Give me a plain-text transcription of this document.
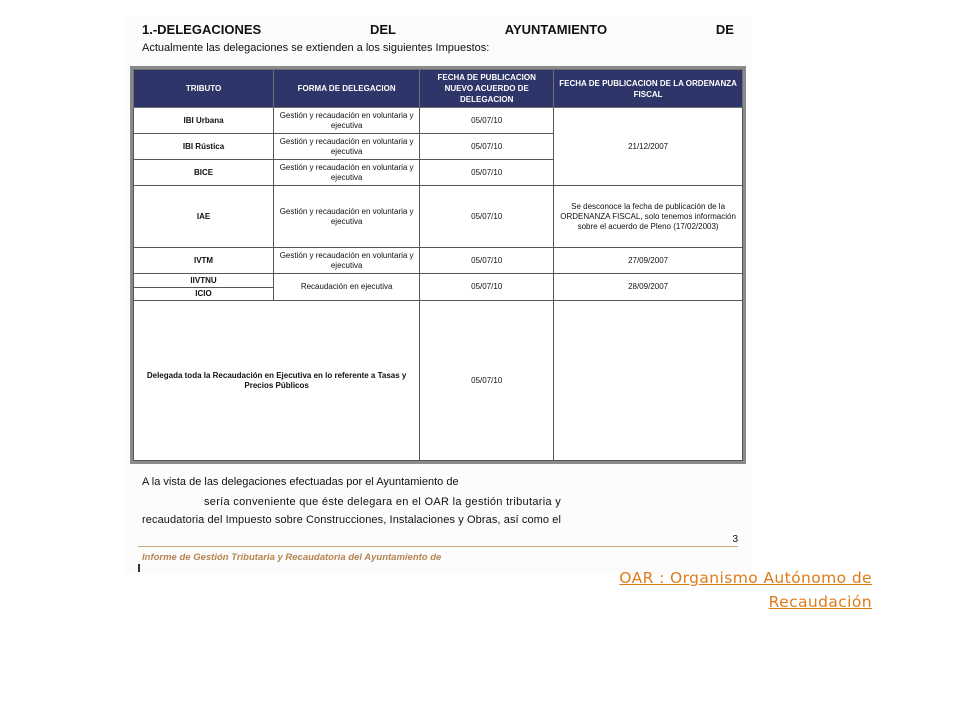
1.-DELEGACIONES	DEL	AYUNTAMIENTO	DE
Actualmente las delegaciones se extienden a los siguientes Impuestos:
TRIBUTO	FORMA DE DELEGACION	FECHA DE PUBLICACION NUEVO ACUERDO DE DELEGACION	FECHA DE PUBLICACION DE LA ORDENANZA FISCAL
IBI Urbana	Gestión y recaudación en voluntaria y ejecutiva	05/07/10	21/12/2007
IBI Rústica	Gestión y recaudación en voluntaria y ejecutiva	05/07/10	
BICE	Gestión y recaudación en voluntaria y ejecutiva	05/07/10	
IAE	Gestión y recaudación en voluntaria y ejecutiva	05/07/10	Se desconoce la fecha de publicación de la ORDENANZA FISCAL, solo tenemos información sobre el acuerdo de Pleno (17/02/2003)
IVTM	Gestión y recaudación en voluntaria y ejecutiva	05/07/10	27/09/2007
IIVTNU	Recaudación en ejecutiva	05/07/10	28/09/2007
ICIO			
Delegada toda la Recaudación en Ejecutiva en lo referente a Tasas y Precios Públicos		05/07/10	
A la vista de las delegaciones efectuadas por el Ayuntamiento de
sería conveniente que éste delegara en el OAR la gestión tributaria y
recaudatoria del Impuesto sobre Construcciones, Instalaciones y Obras, así como el
3
Informe de Gestión Tributaria y Recaudatoria del Ayuntamiento de
OAR : Organismo Autónomo de
Recaudación
